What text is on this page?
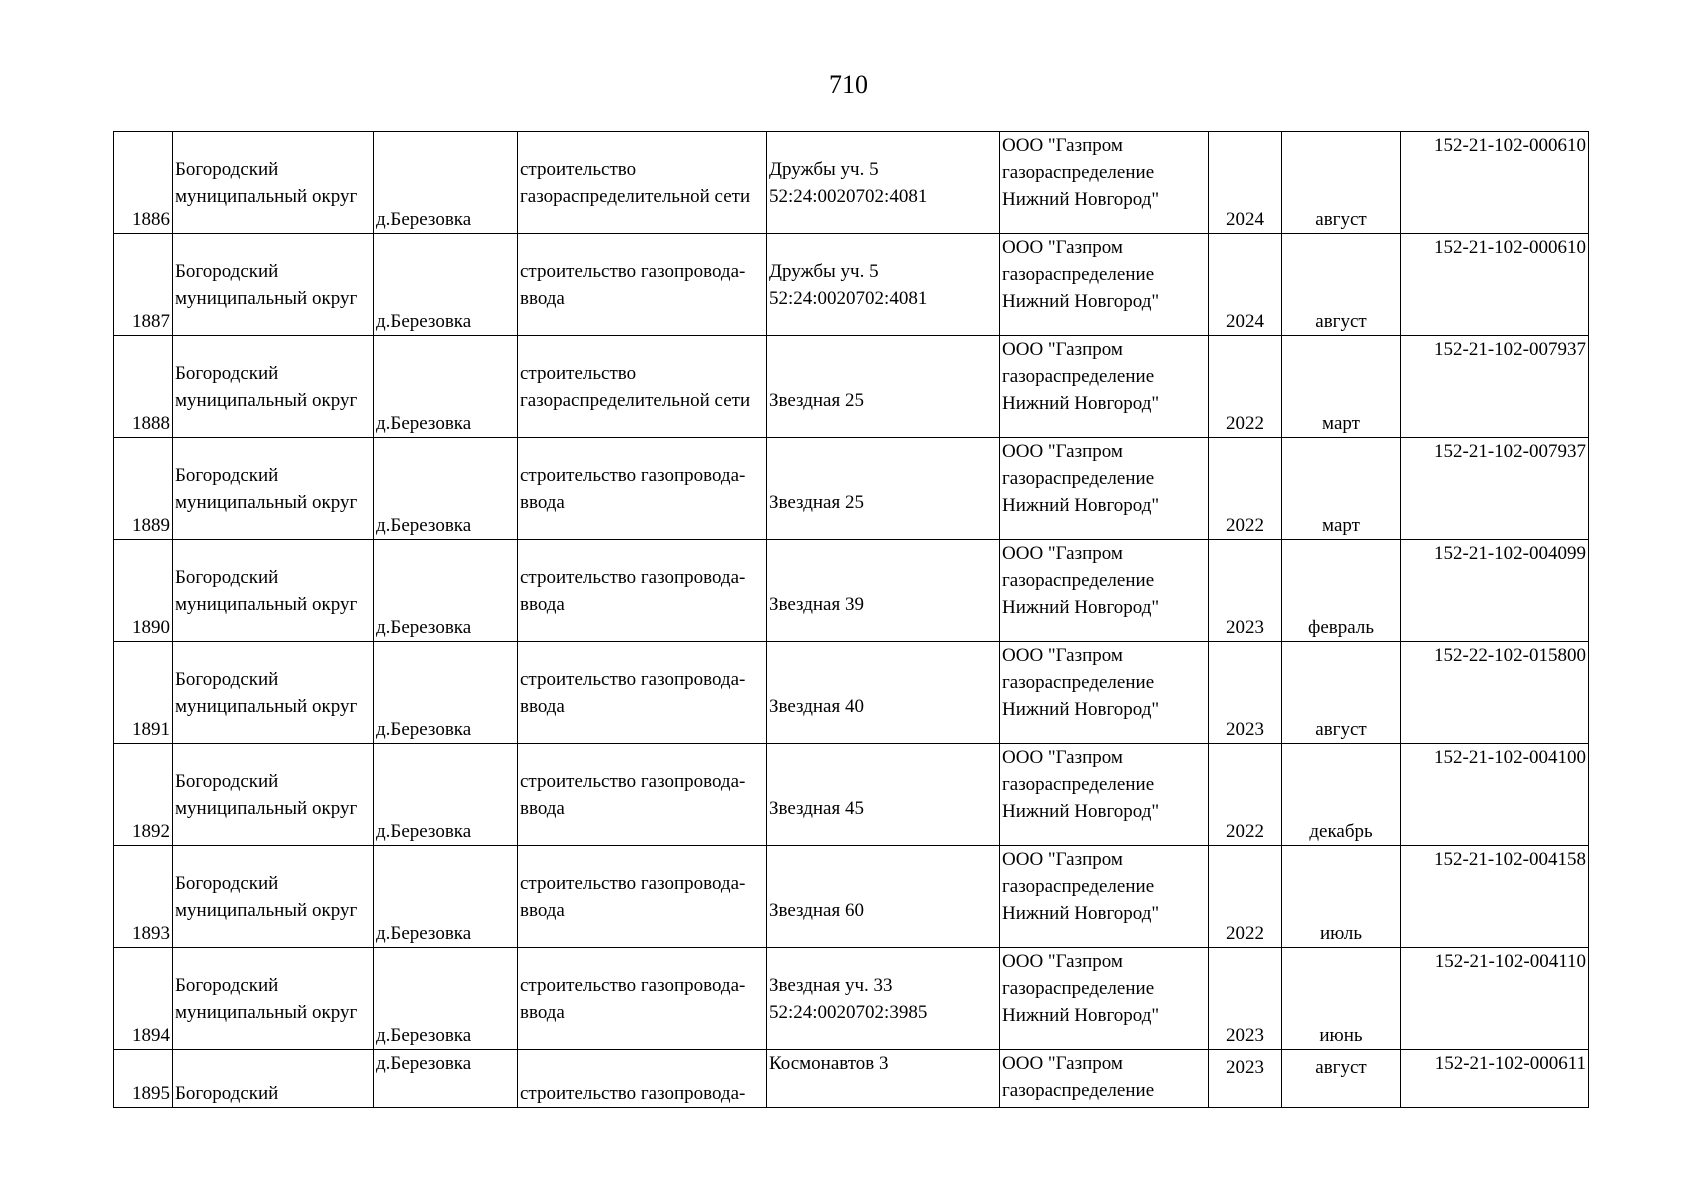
710
1886	Богородский
муниципальный округ	д.Березовка	строительство
газораспределительной сети	Дружбы уч. 5
52:24:0020702:4081	ООО "Газпром
газораспределение
Нижний Новгород"	2024	август	152-21-102-000610
1887	Богородский
муниципальный округ	д.Березовка	строительство газопровода-
ввода	Дружбы уч. 5
52:24:0020702:4081	ООО "Газпром
газораспределение
Нижний Новгород"	2024	август	152-21-102-000610
1888	Богородский
муниципальный округ	д.Березовка	строительство
газораспределительной сети	Звездная 25	ООО "Газпром
газораспределение
Нижний Новгород"	2022	март	152-21-102-007937
1889	Богородский
муниципальный округ	д.Березовка	строительство газопровода-
ввода	Звездная 25	ООО "Газпром
газораспределение
Нижний Новгород"	2022	март	152-21-102-007937
1890	Богородский
муниципальный округ	д.Березовка	строительство газопровода-
ввода	Звездная 39	ООО "Газпром
газораспределение
Нижний Новгород"	2023	февраль	152-21-102-004099
1891	Богородский
муниципальный округ	д.Березовка	строительство газопровода-
ввода	Звездная 40	ООО "Газпром
газораспределение
Нижний Новгород"	2023	август	152-22-102-015800
1892	Богородский
муниципальный округ	д.Березовка	строительство газопровода-
ввода	Звездная 45	ООО "Газпром
газораспределение
Нижний Новгород"	2022	декабрь	152-21-102-004100
1893	Богородский
муниципальный округ	д.Березовка	строительство газопровода-
ввода	Звездная 60	ООО "Газпром
газораспределение
Нижний Новгород"	2022	июль	152-21-102-004158
1894	Богородский
муниципальный округ	д.Березовка	строительство газопровода-
ввода	Звездная уч. 33
52:24:0020702:3985	ООО "Газпром
газораспределение
Нижний Новгород"	2023	июнь	152-21-102-004110

1895	Богородский	д.Березовка	строительство газопровода-	Космонавтов 3	ООО "Газпром
газораспределение	2023	август	152-21-102-000611
